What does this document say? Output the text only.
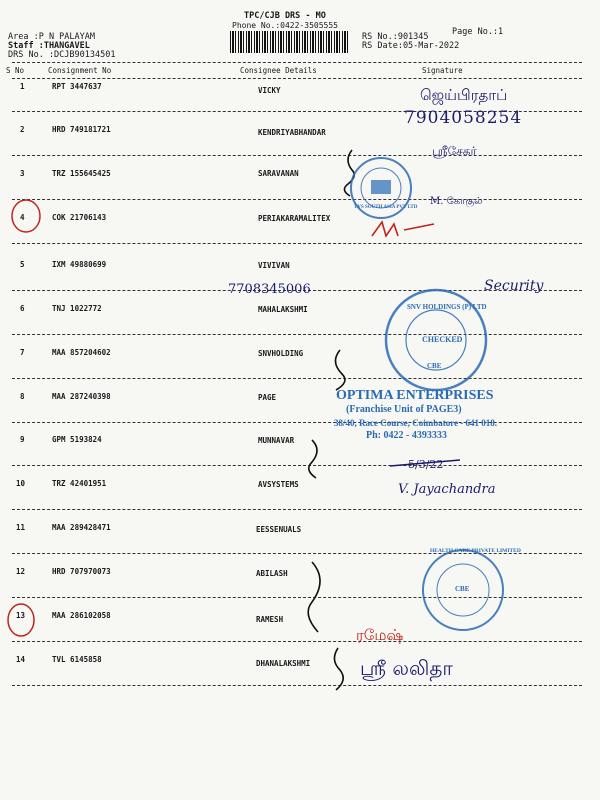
TPC/CJB DRS - MO
Phone No.:0422-3505555
Area :P N PALAYAM
Staff :THANGAVEL
DRS No. :DCJB90134501
RS No.:901345
RS Date:05-Mar-2022
Page No.:1
S No	Consignment No	Consignee Details	Signature
1	RPT 3447637	VICKY
2	HRD 749181721	KENDRIYABHANDAR
3	TRZ 155645425	SARAVANAN
4	COK 21706143	PERIAKARAMALITEX
5	IXM 49880699	VIVIVAN
6	TNJ 1022772	MAHALAKSHMI
7	MAA 857204602	SNVHOLDING
8	MAA 287240398	PAGE
9	GPM 5193824	MUNNAVAR
10	TRZ 42401951	AVSYSTEMS
11	MAA 289428471	EESSENUALS
12	HRD 707970073	ABILASH
13	MAA 286102058	RAMESH
14	TVL 6145858	DHANALAKSHMI
CHECKED
SNV HOLDINGS (P) LTD
CBE
TVS SOUTH ASIA PVT LTD
HEALTH CARE PRIVATE LIMITED
CBE
OPTIMA ENTERPRISES
(Franchise Unit of PAGE3)
38/40, Race Course, Coimbatore - 641 018.
Ph: 0422 - 4393333
ஜெய்பிரதாப்
7904058254
ஸ்ரீசேகர்
M. கோகுல்
7708345006	Security
5/3/22
V. Jayachandra
ரமேஷ்
ஸ்ரீ லலிதா
